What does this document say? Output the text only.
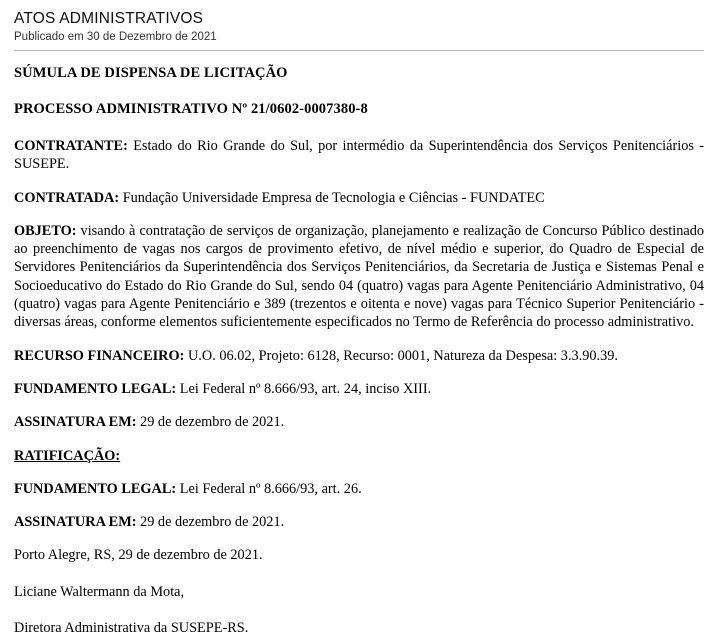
ATOS ADMINISTRATIVOS
Publicado em 30 de Dezembro de 2021
SÚMULA DE DISPENSA DE LICITAÇÃO
PROCESSO ADMINISTRATIVO Nº 21/0602-0007380-8

CONTRATANTE: Estado do Rio Grande do Sul, por intermédio da Superintendência dos Serviços Penitenciários - SUSEPE.

CONTRATADA: Fundação Universidade Empresa de Tecnologia e Ciências - FUNDATEC

OBJETO: visando à contratação de serviços de organização, planejamento e realização de Concurso Público destinado ao preenchimento de vagas nos cargos de provimento efetivo, de nível médio e superior, do Quadro de Especial de Servidores Penitenciários da Superintendência dos Serviços Penitenciários, da Secretaria de Justiça e Sistemas Penal e Socioeducativo do Estado do Rio Grande do Sul, sendo 04 (quatro) vagas para Agente Penitenciário Administrativo, 04 (quatro) vagas para Agente Penitenciário e 389 (trezentos e oitenta e nove) vagas para Técnico Superior Penitenciário - diversas áreas, conforme elementos suficientemente especificados no Termo de Referência do processo administrativo.

RECURSO FINANCEIRO: U.O. 06.02, Projeto: 6128, Recurso: 0001, Natureza da Despesa: 3.3.90.39.

FUNDAMENTO LEGAL: Lei Federal nº 8.666/93, art. 24, inciso XIII.

ASSINATURA EM: 29 de dezembro de 2021.

RATIFICAÇÃO:

FUNDAMENTO LEGAL: Lei Federal nº 8.666/93, art. 26.

ASSINATURA EM: 29 de dezembro de 2021.

Porto Alegre, RS, 29 de dezembro de 2021.
Liciane Waltermann da Mota,
Diretora Administrativa da SUSEPE-RS.
